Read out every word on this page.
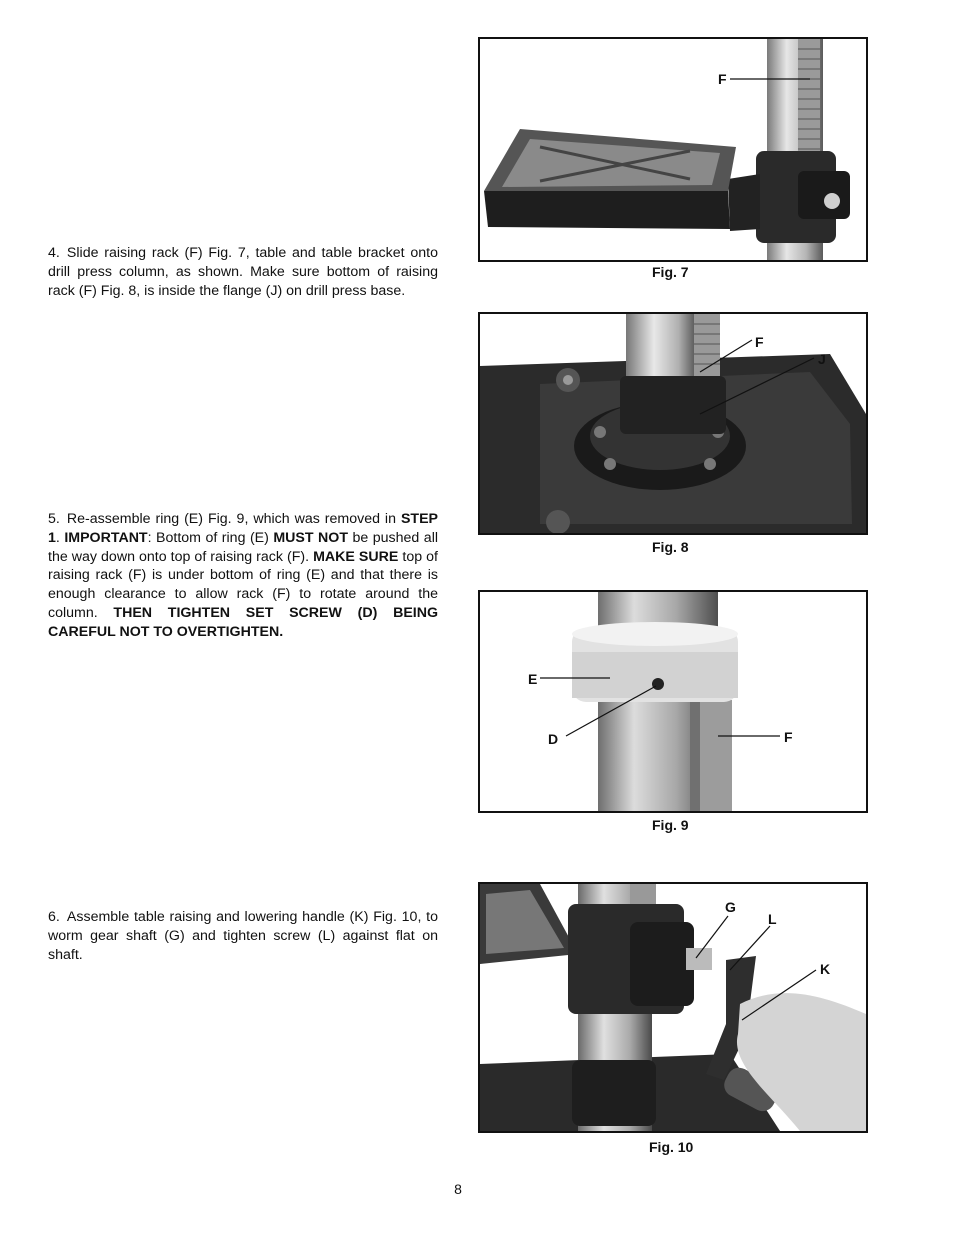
4. Slide raising rack (F) Fig. 7, table and table bracket onto drill press column, as shown. Make sure bottom of raising rack (F) Fig. 8, is inside the flange (J) on drill press base.
5. Re-assemble ring (E) Fig. 9, which was removed in STEP 1. IMPORTANT: Bottom of ring (E) MUST NOT be pushed all the way down onto top of raising rack (F). MAKE SURE top of raising rack (F) is under bottom of ring (E) and that there is enough clearance to allow rack (F) to rotate around the column. THEN TIGHTEN SET SCREW (D) BEING CAREFUL NOT TO OVERTIGHTEN.
6. Assemble table raising and lowering handle (K) Fig. 10, to worm gear shaft (G) and tighten screw (L) against flat on shaft.
F
Fig. 7
F
J
Fig. 8
E
D	F
Fig. 9
G
L
K
Fig. 10
8
